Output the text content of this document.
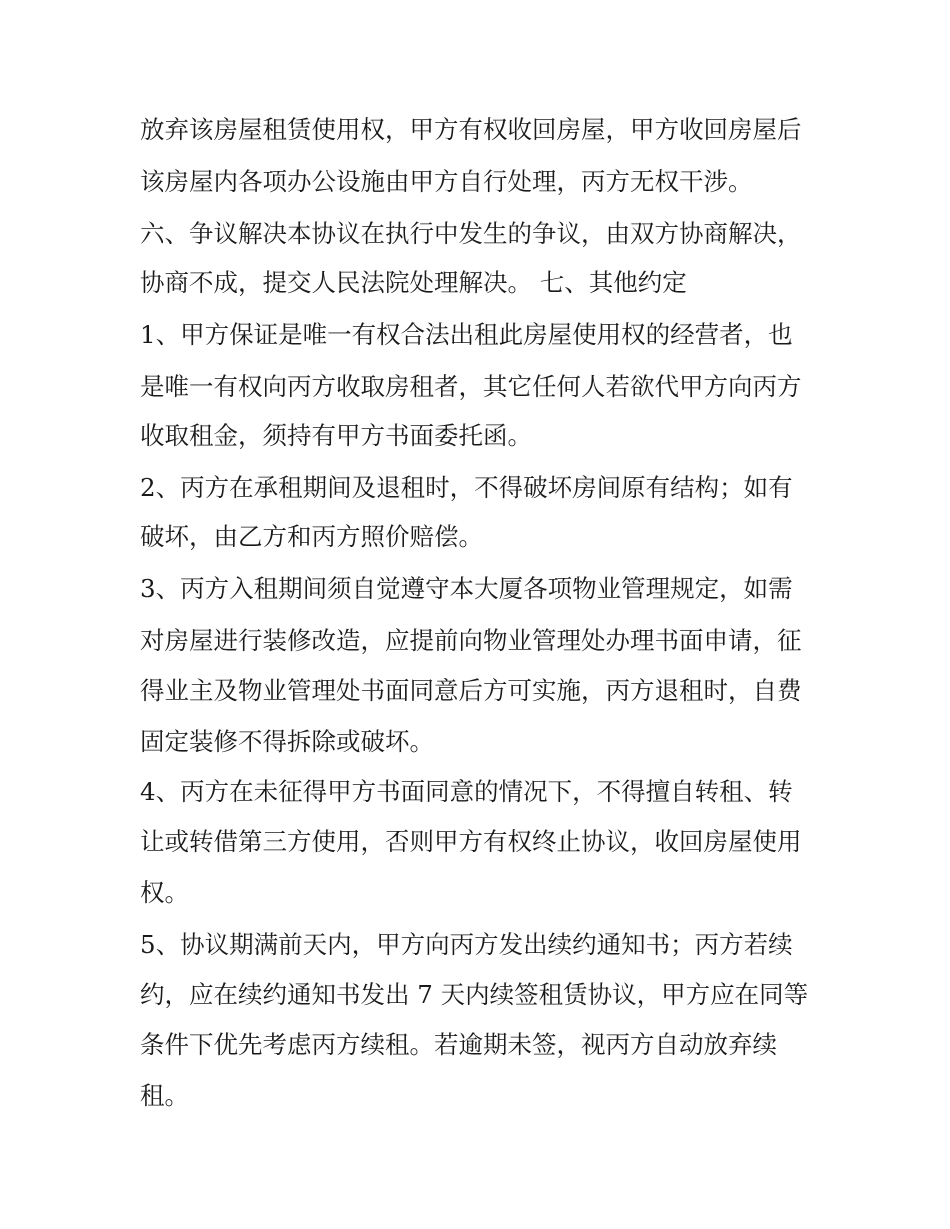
放弃该房屋租赁使用权，甲方有权收回房屋，甲方收回房屋后

该房屋内各项办公设施由甲方自行处理，丙方无权干涉。

六、争议解决本协议在执行中发生的争议，由双方协商解决，

协商不成，提交人民法院处理解决。 七、其他约定

1、甲方保证是唯一有权合法出租此房屋使用权的经营者，也

是唯一有权向丙方收取房租者，其它任何人若欲代甲方向丙方

收取租金，须持有甲方书面委托函。

2、丙方在承租期间及退租时，不得破坏房间原有结构；如有

破坏，由乙方和丙方照价赔偿。

3、丙方入租期间须自觉遵守本大厦各项物业管理规定，如需

对房屋进行装修改造，应提前向物业管理处办理书面申请，征

得业主及物业管理处书面同意后方可实施，丙方退租时，自费

固定装修不得拆除或破坏。

4、丙方在未征得甲方书面同意的情况下，不得擅自转租、转

让或转借第三方使用，否则甲方有权终止协议，收回房屋使用

权。

5、协议期满前天内，甲方向丙方发出续约通知书；丙方若续

约，应在续约通知书发出 7 天内续签租赁协议，甲方应在同等

条件下优先考虑丙方续租。若逾期未签，视丙方自动放弃续

租。
